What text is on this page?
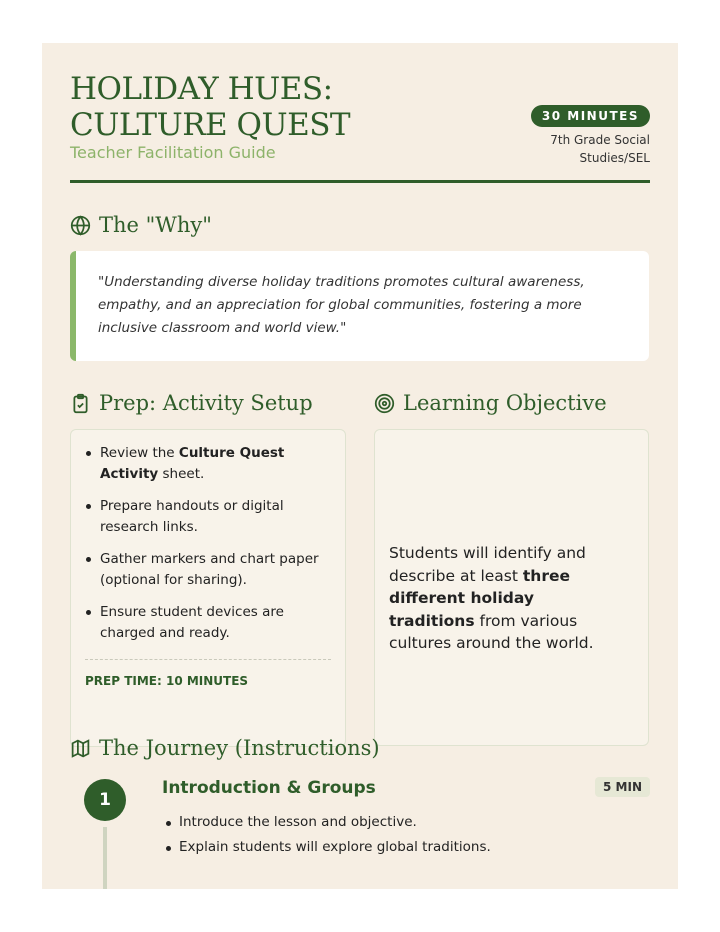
HOLIDAY HUES: CULTURE QUEST
Teacher Facilitation Guide
30 MINUTES
7th Grade Social Studies/SEL
The "Why"
"Understanding diverse holiday traditions promotes cultural awareness, empathy, and an appreciation for global communities, fostering a more inclusive classroom and world view."
Prep: Activity Setup
Review the Culture Quest Activity sheet.
Prepare handouts or digital research links.
Gather markers and chart paper (optional for sharing).
Ensure student devices are charged and ready.
PREP TIME: 10 MINUTES
Learning Objective
Students will identify and describe at least three different holiday traditions from various cultures around the world.
The Journey (Instructions)
1
Introduction & Groups	5 MIN
Introduce the lesson and objective.
Explain students will explore global traditions.
